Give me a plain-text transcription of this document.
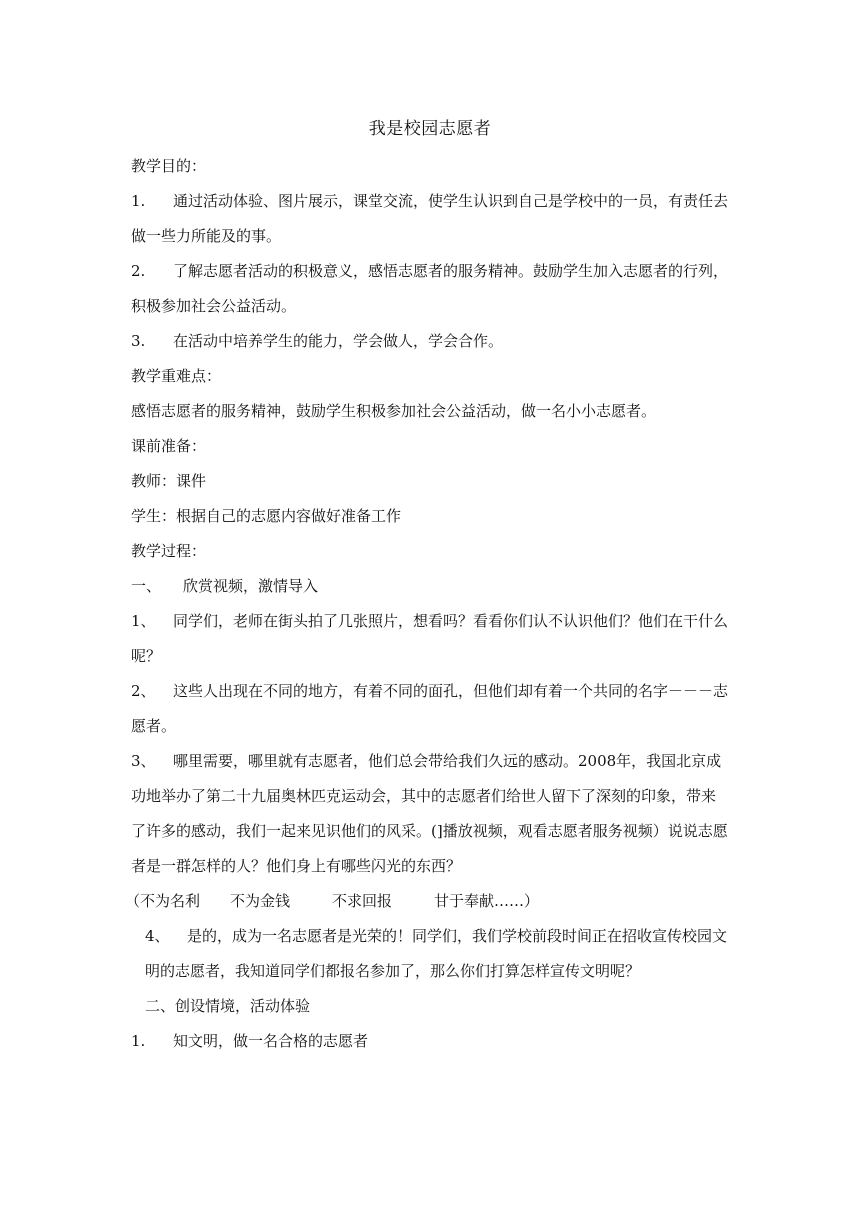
我是校园志愿者
教学目的：
1. 通过活动体验、图片展示，课堂交流，使学生认识到自己是学校中的一员，有责任去做一些力所能及的事。
2. 了解志愿者活动的积极意义，感悟志愿者的服务精神。鼓励学生加入志愿者的行列，积极参加社会公益活动。
3. 在活动中培养学生的能力，学会做人，学会合作。
教学重难点：
感悟志愿者的服务精神，鼓励学生积极参加社会公益活动，做一名小小志愿者。
课前准备：
教师：课件
学生：根据自己的志愿内容做好准备工作
教学过程：
一、 欣赏视频，激情导入
1、 同学们，老师在街头拍了几张照片，想看吗？看看你们认不认识他们？他们在干什么呢？
2、 这些人出现在不同的地方，有着不同的面孔，但他们却有着一个共同的名字－－－志愿者。
3、 哪里需要，哪里就有志愿者，他们总会带给我们久远的感动。2008年，我国北京成功地举办了第二十九届奥林匹克运动会，其中的志愿者们给世人留下了深刻的印象，带来了许多的感动，我们一起来见识他们的风采。(]播放视频，观看志愿者服务视频）说说志愿者是一群怎样的人？他们身上有哪些闪光的东西？
（不为名利 不为金钱	不求回报	甘于奉献……）
4、 是的，成为一名志愿者是光荣的！同学们，我们学校前段时间正在招收宣传校园文明的志愿者，我知道同学们都报名参加了，那么你们打算怎样宣传文明呢？
二、创设情境，活动体验
1. 知文明，做一名合格的志愿者
